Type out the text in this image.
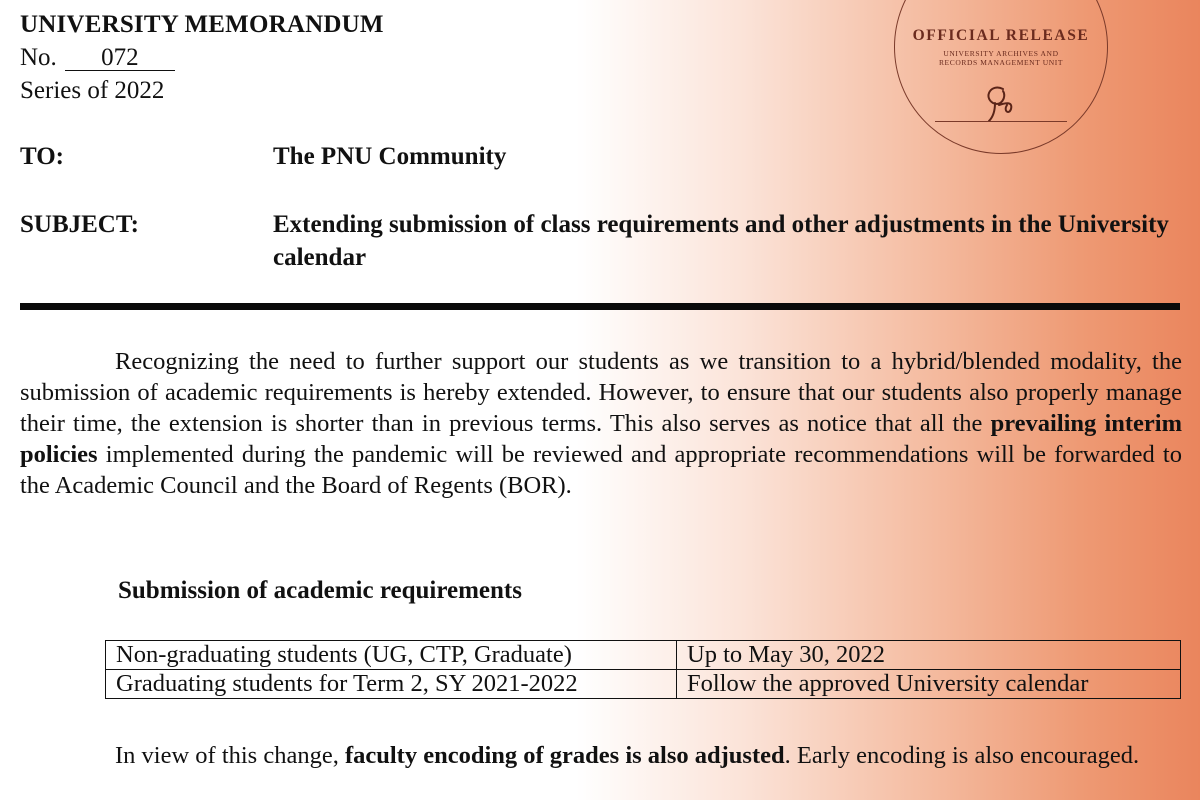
UNIVERSITY MEMORANDUM
No.	072
Series of 2022
OFFICIAL RELEASE
UNIVERSITY ARCHIVES AND
RECORDS MANAGEMENT UNIT
TO:	The PNU Community
SUBJECT:	Extending submission of class requirements and other adjustments in the University calendar
Recognizing the need to further support our students as we transition to a hybrid/blended modality, the submission of academic requirements is hereby extended. However, to ensure that our students also properly manage their time, the extension is shorter than in previous terms. This also serves as notice that all the prevailing interim policies implemented during the pandemic will be reviewed and appropriate recommendations will be forwarded to the Academic Council and the Board of Regents (BOR).
Submission of academic requirements
Non-graduating students (UG, CTP, Graduate)	Up to May 30, 2022
Graduating students for Term 2, SY 2021-2022	Follow the approved University calendar
In view of this change, faculty encoding of grades is also adjusted. Early encoding is also encouraged.
